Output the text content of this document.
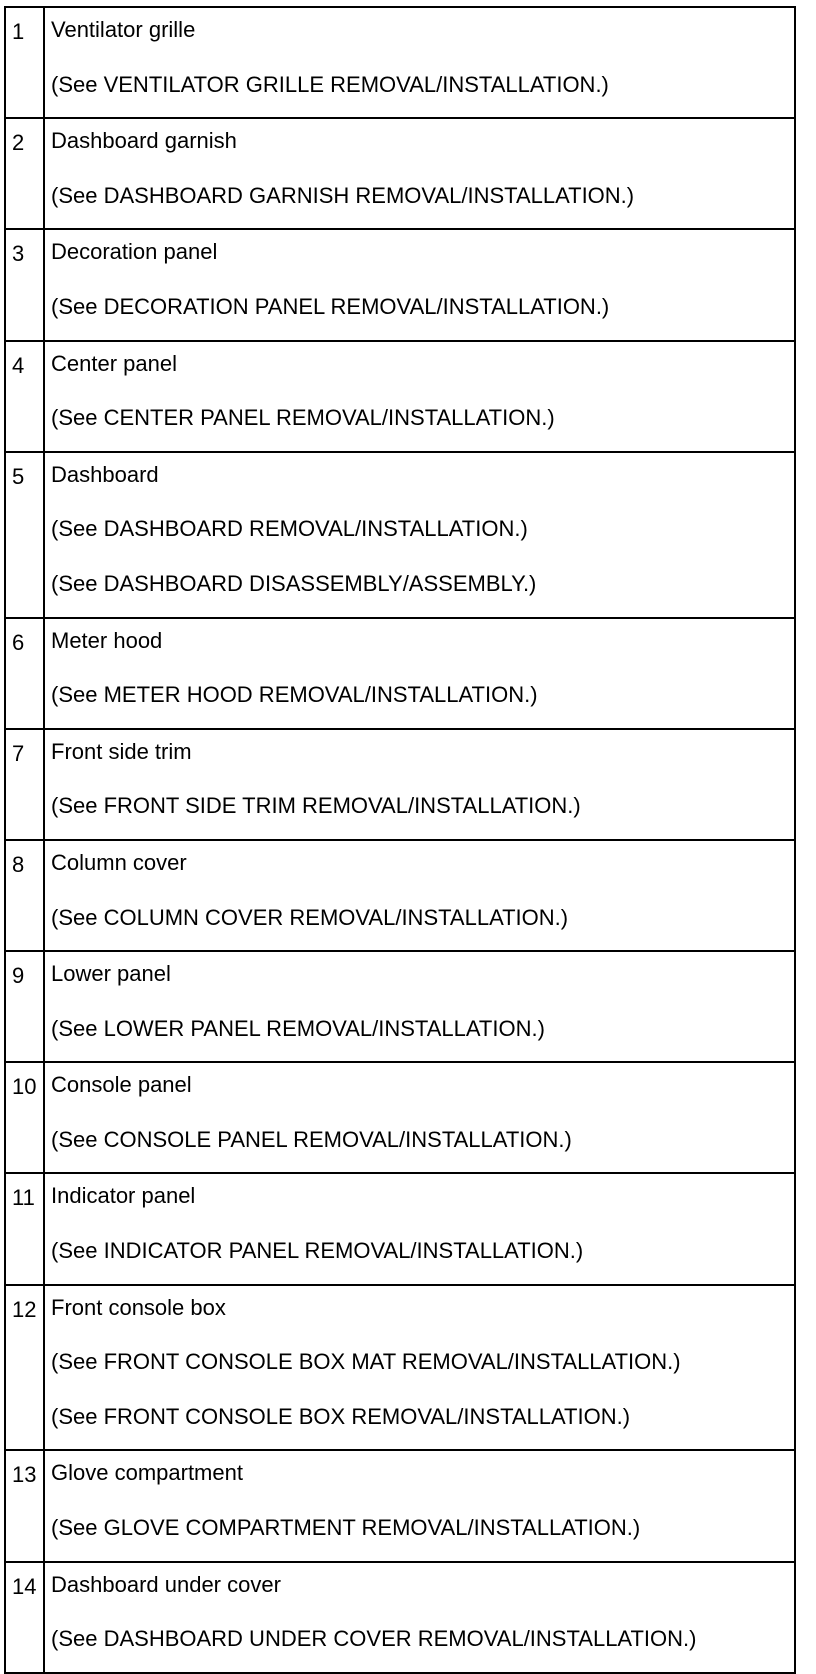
1	Ventilator grille
(See VENTILATOR GRILLE REMOVAL/INSTALLATION.)

2	Dashboard garnish
(See DASHBOARD GARNISH REMOVAL/INSTALLATION.)

3	Decoration panel
(See DECORATION PANEL REMOVAL/INSTALLATION.)

4	Center panel
(See CENTER PANEL REMOVAL/INSTALLATION.)

5	Dashboard
(See DASHBOARD REMOVAL/INSTALLATION.)
(See DASHBOARD DISASSEMBLY/ASSEMBLY.)

6	Meter hood
(See METER HOOD REMOVAL/INSTALLATION.)

7	Front side trim
(See FRONT SIDE TRIM REMOVAL/INSTALLATION.)

8	Column cover
(See COLUMN COVER REMOVAL/INSTALLATION.)

9	Lower panel
(See LOWER PANEL REMOVAL/INSTALLATION.)

10	Console panel
(See CONSOLE PANEL REMOVAL/INSTALLATION.)

11	Indicator panel
(See INDICATOR PANEL REMOVAL/INSTALLATION.)

12	Front console box
(See FRONT CONSOLE BOX MAT REMOVAL/INSTALLATION.)
(See FRONT CONSOLE BOX REMOVAL/INSTALLATION.)

13	Glove compartment
(See GLOVE COMPARTMENT REMOVAL/INSTALLATION.)

14	Dashboard under cover
(See DASHBOARD UNDER COVER REMOVAL/INSTALLATION.)
